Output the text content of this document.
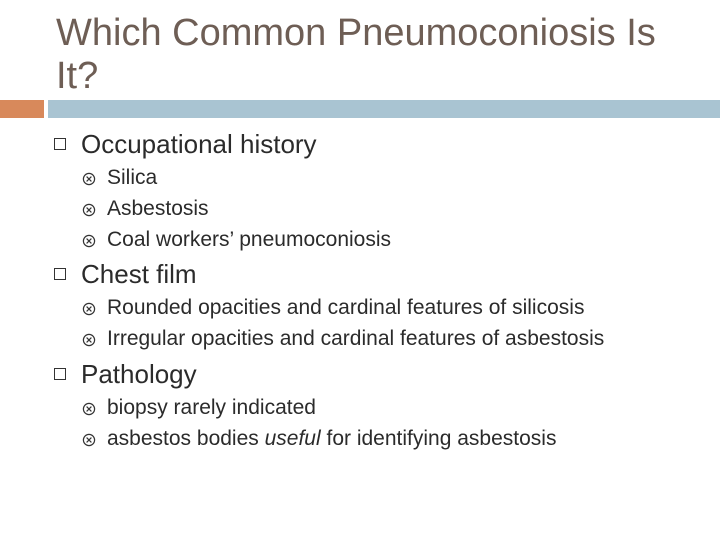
Which Common Pneumoconiosis Is It?
Occupational history
Silica
Asbestosis
Coal workers’ pneumoconiosis
Chest film
Rounded opacities and cardinal features of silicosis
Irregular opacities and cardinal features of asbestosis
Pathology
biopsy rarely indicated
asbestos bodies useful for identifying asbestosis
